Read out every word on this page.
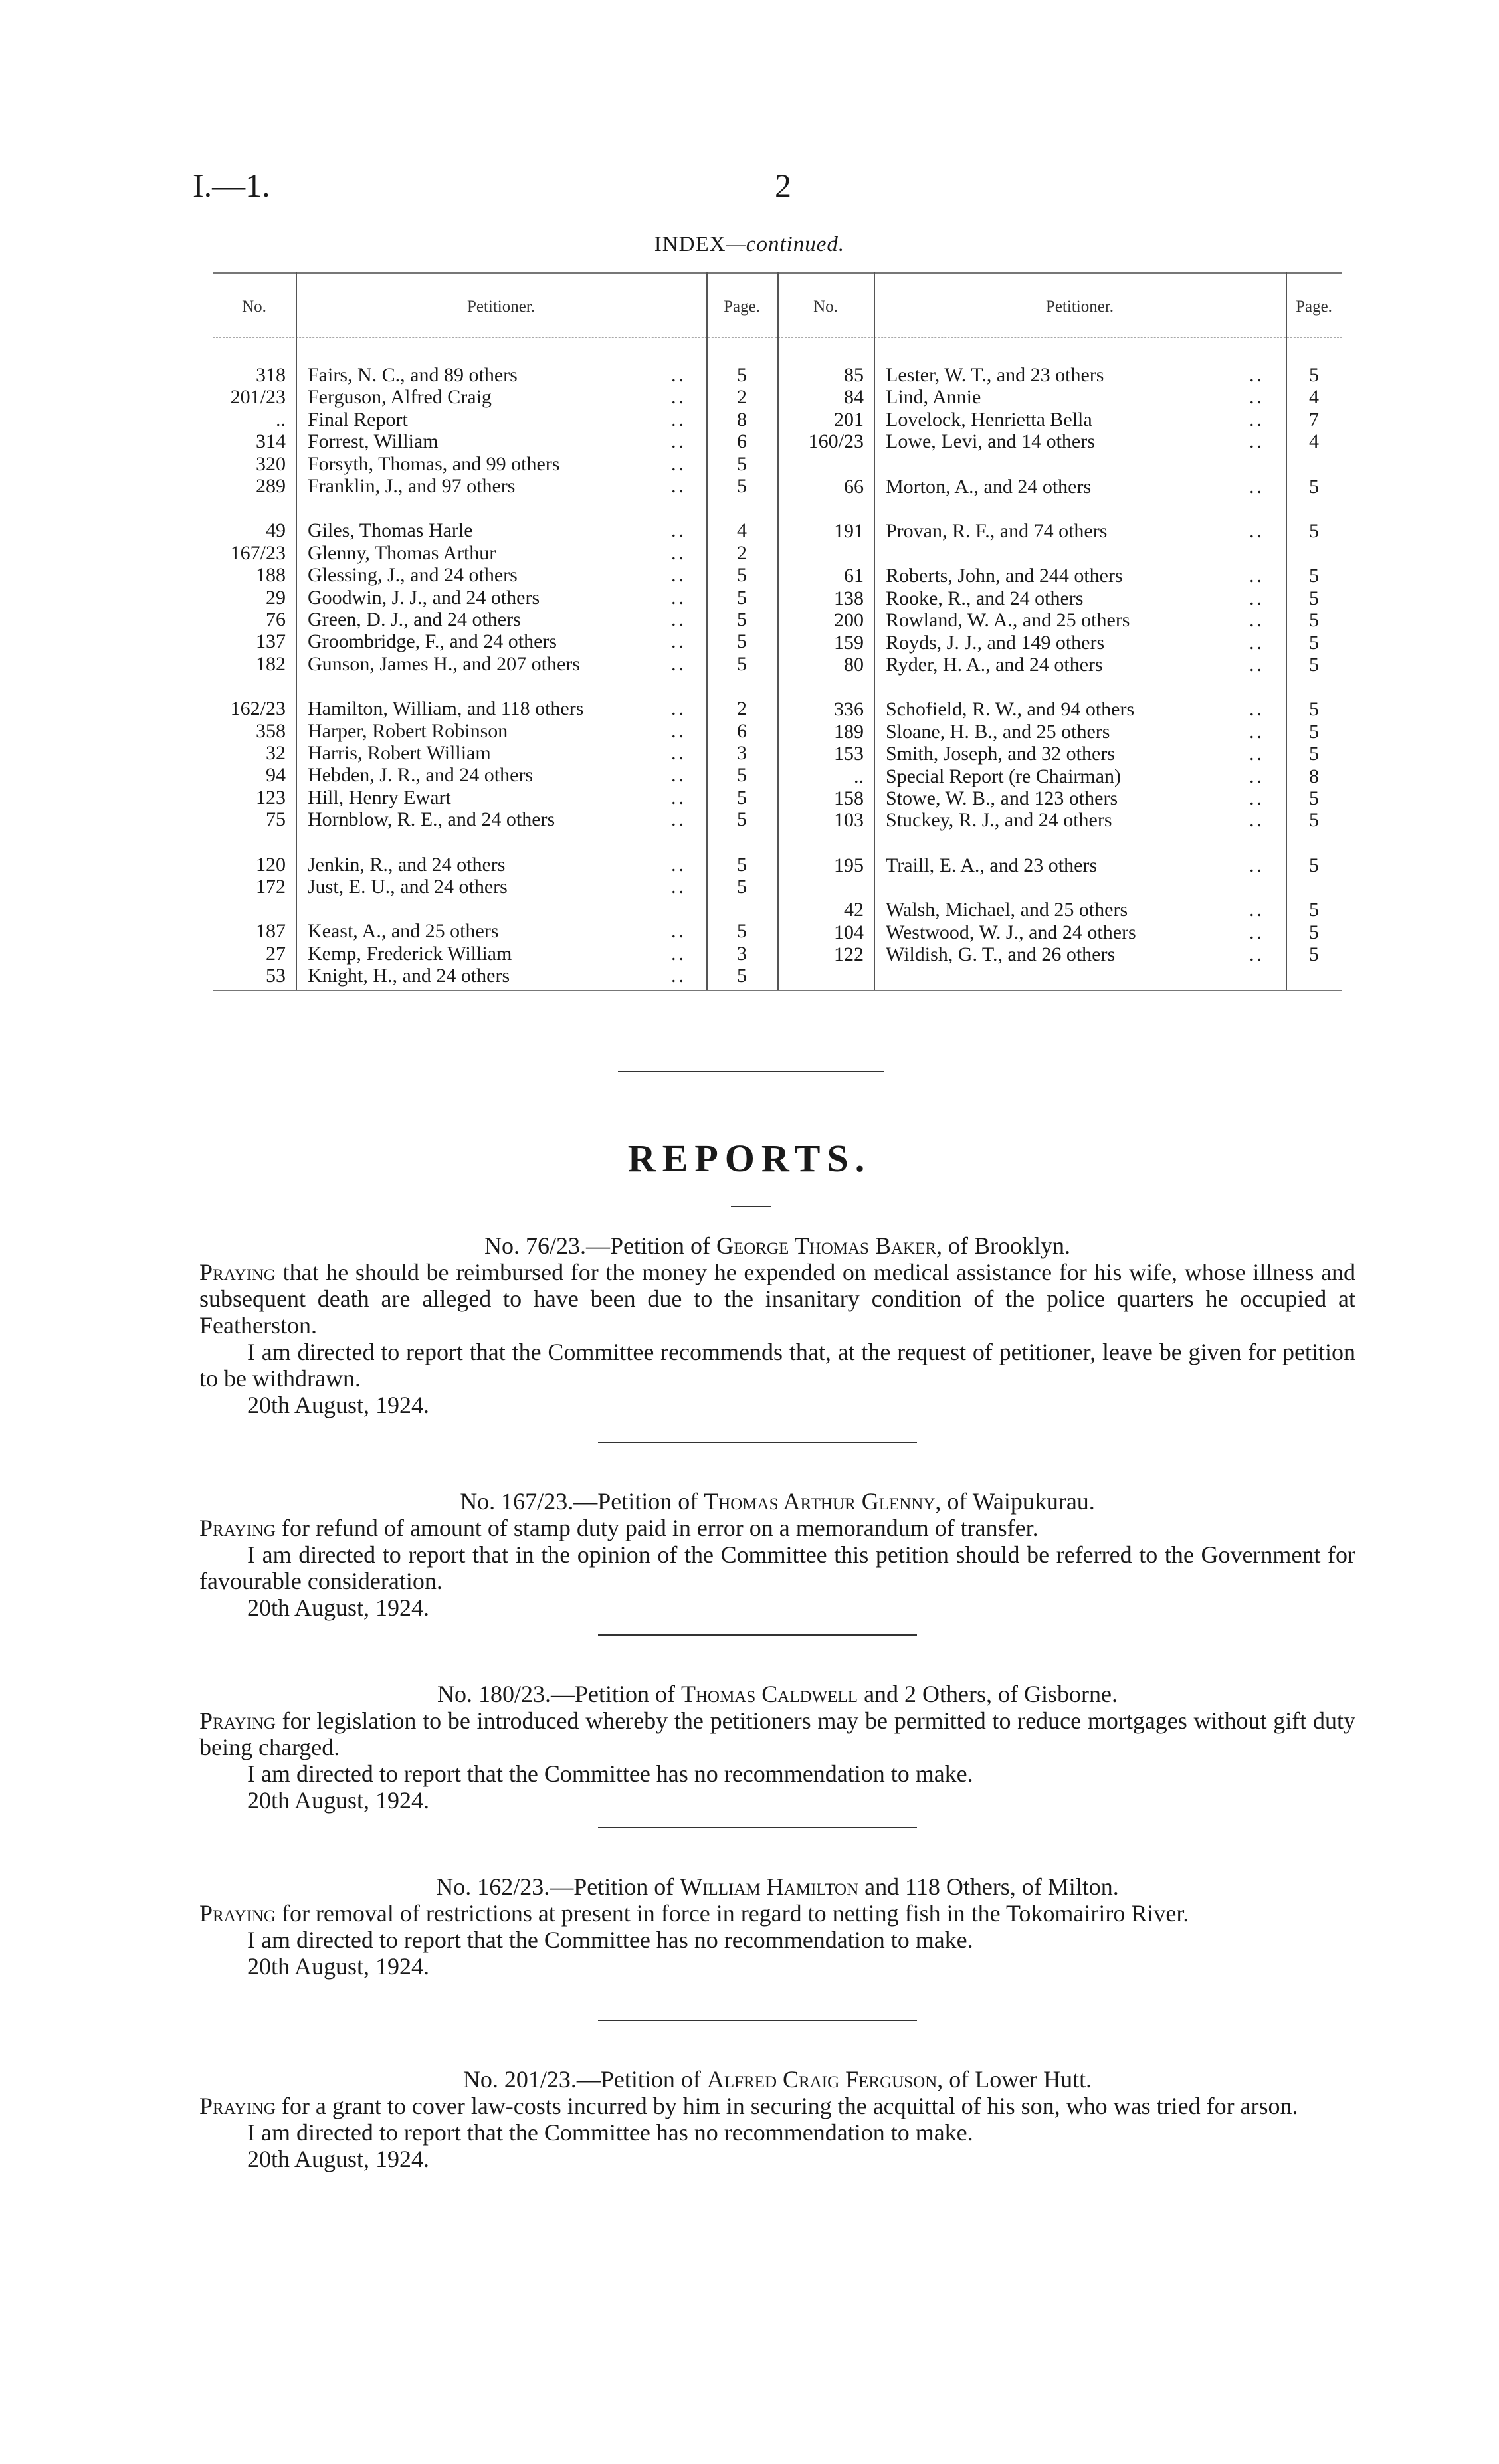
I.—1.	2
INDEX—continued.
No.	Petitioner.	Page.	No.	Petitioner.	Page.
318 Fairs, N. C., and 89 others	..	5
201/23 Ferguson, Alfred Craig	..	2
.. Final Report	..	8
314 Forrest, William	..	6
320 Forsyth, Thomas, and 99 others	..	5
289 Franklin, J., and 97 others	..	5
49 Giles, Thomas Harle	..	4
167/23 Glenny, Thomas Arthur	..	2
188 Glessing, J., and 24 others	..	5
29 Goodwin, J. J., and 24 others	..	5
76 Green, D. J., and 24 others	..	5
137 Groombridge, F., and 24 others	..	5
182 Gunson, James H., and 207 others	..	5
162/23 Hamilton, William, and 118 others	..	2
358 Harper, Robert Robinson	..	6
32 Harris, Robert William	..	3
94 Hebden, J. R., and 24 others	..	5
123 Hill, Henry Ewart	..	5
75 Hornblow, R. E., and 24 others	..	5
120 Jenkin, R., and 24 others	..	5
172 Just, E. U., and 24 others	..	5
187 Keast, A., and 25 others	..	5
27 Kemp, Frederick William	..	3
53 Knight, H., and 24 others	..	5
85 Lester, W. T., and 23 others	..	5
84 Lind, Annie	..	4
201 Lovelock, Henrietta Bella	..	7
160/23 Lowe, Levi, and 14 others	..	4
66 Morton, A., and 24 others	..	5
191 Provan, R. F., and 74 others	..	5
61 Roberts, John, and 244 others	..	5
138 Rooke, R., and 24 others	..	5
200 Rowland, W. A., and 25 others	..	5
159 Royds, J. J., and 149 others	..	5
80 Ryder, H. A., and 24 others	..	5
336 Schofield, R. W., and 94 others	..	5
189 Sloane, H. B., and 25 others	..	5
153 Smith, Joseph, and 32 others	..	5
.. Special Report (re Chairman)	..	8
158 Stowe, W. B., and 123 others	..	5
103 Stuckey, R. J., and 24 others	..	5
195 Traill, E. A., and 23 others	..	5
42 Walsh, Michael, and 25 others	..	5
104 Westwood, W. J., and 24 others	..	5
122 Wildish, G. T., and 26 others	..	5
REPORTS.
No. 76/23.—Petition of George Thomas Baker, of Brooklyn.

Praying that he should be reimbursed for the money he expended on medical assistance for his wife, whose illness and subsequent death are alleged to have been due to the insanitary condition of the police quarters he occupied at Featherston.

I am directed to report that the Committee recommends that, at the request of petitioner, leave be given for petition to be withdrawn.

20th August, 1924.
No. 167/23.—Petition of Thomas Arthur Glenny, of Waipukurau.

Praying for refund of amount of stamp duty paid in error on a memorandum of transfer.

I am directed to report that in the opinion of the Committee this petition should be referred to the Government for favourable consideration.

20th August, 1924.
No. 180/23.—Petition of Thomas Caldwell and 2 Others, of Gisborne.

Praying for legislation to be introduced whereby the petitioners may be permitted to reduce mortgages without gift duty being charged.

I am directed to report that the Committee has no recommendation to make.

20th August, 1924.
No. 162/23.—Petition of William Hamilton and 118 Others, of Milton.

Praying for removal of restrictions at present in force in regard to netting fish in the Tokomairiro River.

I am directed to report that the Committee has no recommendation to make.

20th August, 1924.
No. 201/23.—Petition of Alfred Craig Ferguson, of Lower Hutt.

Praying for a grant to cover law-costs incurred by him in securing the acquittal of his son, who was tried for arson.

I am directed to report that the Committee has no recommendation to make.

20th August, 1924.
